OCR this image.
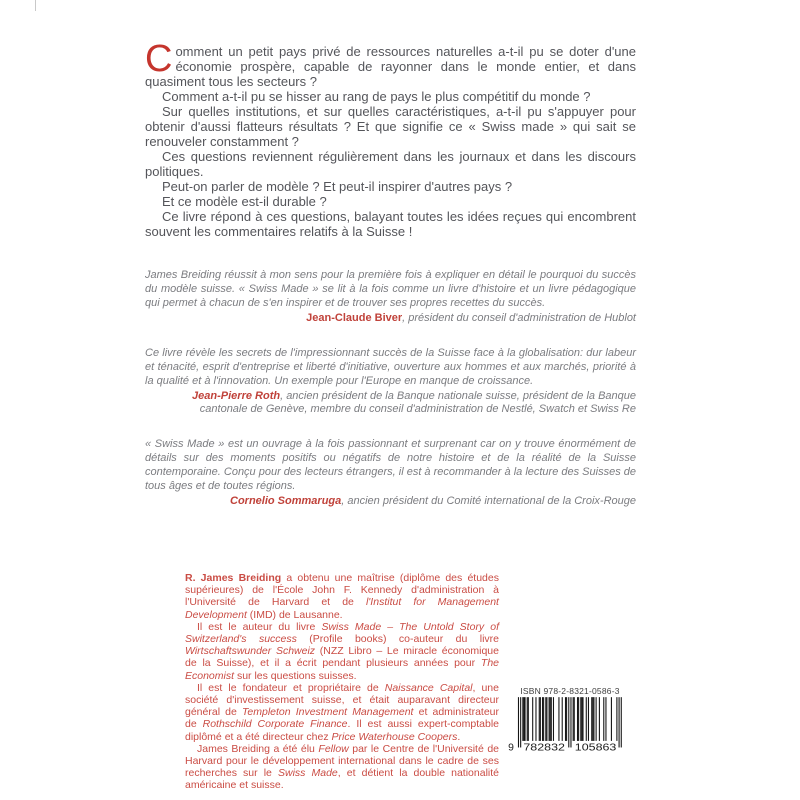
Comment un petit pays privé de ressources naturelles a-t-il pu se doter d'une économie prospère, capable de rayonner dans le monde entier, et dans quasiment tous les secteurs ?

Comment a-t-il pu se hisser au rang de pays le plus compétitif du monde ?

Sur quelles institutions, et sur quelles caractéristiques, a-t-il pu s'appuyer pour obtenir d'aussi flatteurs résultats ? Et que signifie ce « Swiss made » qui sait se renouveler constamment ?

Ces questions reviennent régulièrement dans les journaux et dans les discours politiques.

Peut-on parler de modèle ? Et peut-il inspirer d'autres pays ?

Et ce modèle est-il durable ?

Ce livre répond à ces questions, balayant toutes les idées reçues qui encombrent souvent les commentaires relatifs à la Suisse !

James Breiding réussit à mon sens pour la première fois à expliquer en détail le pourquoi du succès du modèle suisse. « Swiss Made » se lit à la fois comme un livre d'histoire et un livre pédagogique qui permet à chacun de s'en inspirer et de trouver ses propres recettes du succès.

Jean-Claude Biver, président du conseil d'administration de Hublot

Ce livre révèle les secrets de l'impressionnant succès de la Suisse face à la globalisation: dur labeur et ténacité, esprit d'entreprise et liberté d'initiative, ouverture aux hommes et aux marchés, priorité à la qualité et à l'innovation. Un exemple pour l'Europe en manque de croissance.

Jean-Pierre Roth, ancien président de la Banque nationale suisse, président de la Banque cantonale de Genève, membre du conseil d'administration de Nestlé, Swatch et Swiss Re

« Swiss Made » est un ouvrage à la fois passionnant et surprenant car on y trouve énormément de détails sur des moments positifs ou négatifs de notre histoire et de la réalité de la Suisse contemporaine. Conçu pour des lecteurs étrangers, il est à recommander à la lecture des Suisses de tous âges et de toutes régions.

Cornelio Sommaruga, ancien président du Comité international de la Croix-Rouge

R. James Breiding a obtenu une maîtrise (diplôme des études supérieures) de l'École John F. Kennedy d'administration à l'Université de Harvard et de l'Institut for Management Development (IMD) de Lausanne.

Il est le auteur du livre Swiss Made – The Untold Story of Switzerland's success (Profile books) co-auteur du livre Wirtschaftswunder Schweiz (NZZ Libro – Le miracle économique de la Suisse), et il a écrit pendant plusieurs années pour The Economist sur les questions suisses.

Il est le fondateur et propriétaire de Naissance Capital, une société d'investissement suisse, et était auparavant directeur général de Templeton Investment Management et administrateur de Rothschild Corporate Finance. Il est aussi expert-comptable diplômé et a été directeur chez Price Waterhouse Coopers.

James Breiding a été élu Fellow par le Centre de l'Université de Harvard pour le développement international dans le cadre de ses recherches sur le Swiss Made, et détient la double nationalité américaine et suisse.

ISBN 978-2-8321-0586-3
9 782832 105863
